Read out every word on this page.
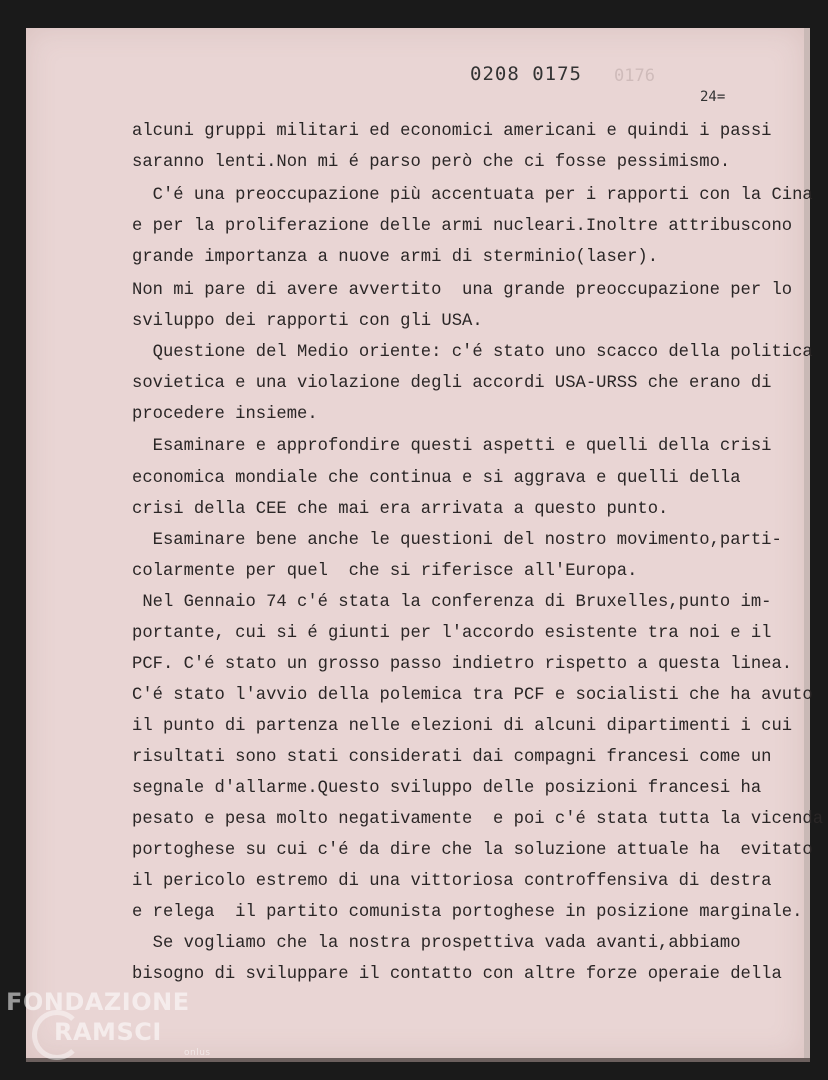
0176
0208 0175
24=
alcuni gruppi militari ed economici americani e quindi i passi
saranno lenti.Non mi é parso però che ci fosse pessimismo.
C'é una preoccupazione più accentuata per i rapporti con la Cina
e per la proliferazione delle armi nucleari.Inoltre attribuscono
grande importanza a nuove armi di sterminio(laser).
Non mi pare di avere avvertito  una grande preoccupazione per lo
sviluppo dei rapporti con gli USA.
Questione del Medio oriente: c'é stato uno scacco della politica
sovietica e una violazione degli accordi USA-URSS che erano di
procedere insieme.
Esaminare e approfondire questi aspetti e quelli della crisi
economica mondiale che continua e si aggrava e quelli della
crisi della CEE che mai era arrivata a questo punto.
Esaminare bene anche le questioni del nostro movimento,parti-
colarmente per quel  che si riferisce all'Europa.
Nel Gennaio 74 c'é stata la conferenza di Bruxelles,punto im-
portante, cui si é giunti per l'accordo esistente tra noi e il
PCF. C'é stato un grosso passo indietro rispetto a questa linea.
C'é stato l'avvio della polemica tra PCF e socialisti che ha avuto
il punto di partenza nelle elezioni di alcuni dipartimenti i cui
risultati sono stati considerati dai compagni francesi come un
segnale d'allarme.Questo sviluppo delle posizioni francesi ha
pesato e pesa molto negativamente  e poi c'é stata tutta la vicenda
portoghese su cui c'é da dire che la soluzione attuale ha  evitato
il pericolo estremo di una vittoriosa controffensiva di destra
e relega  il partito comunista portoghese in posizione marginale.
Se vogliamo che la nostra prospettiva vada avanti,abbiamo
bisogno di sviluppare il contatto con altre forze operaie della
FONDAZIONE
RAMSCI
onlus
